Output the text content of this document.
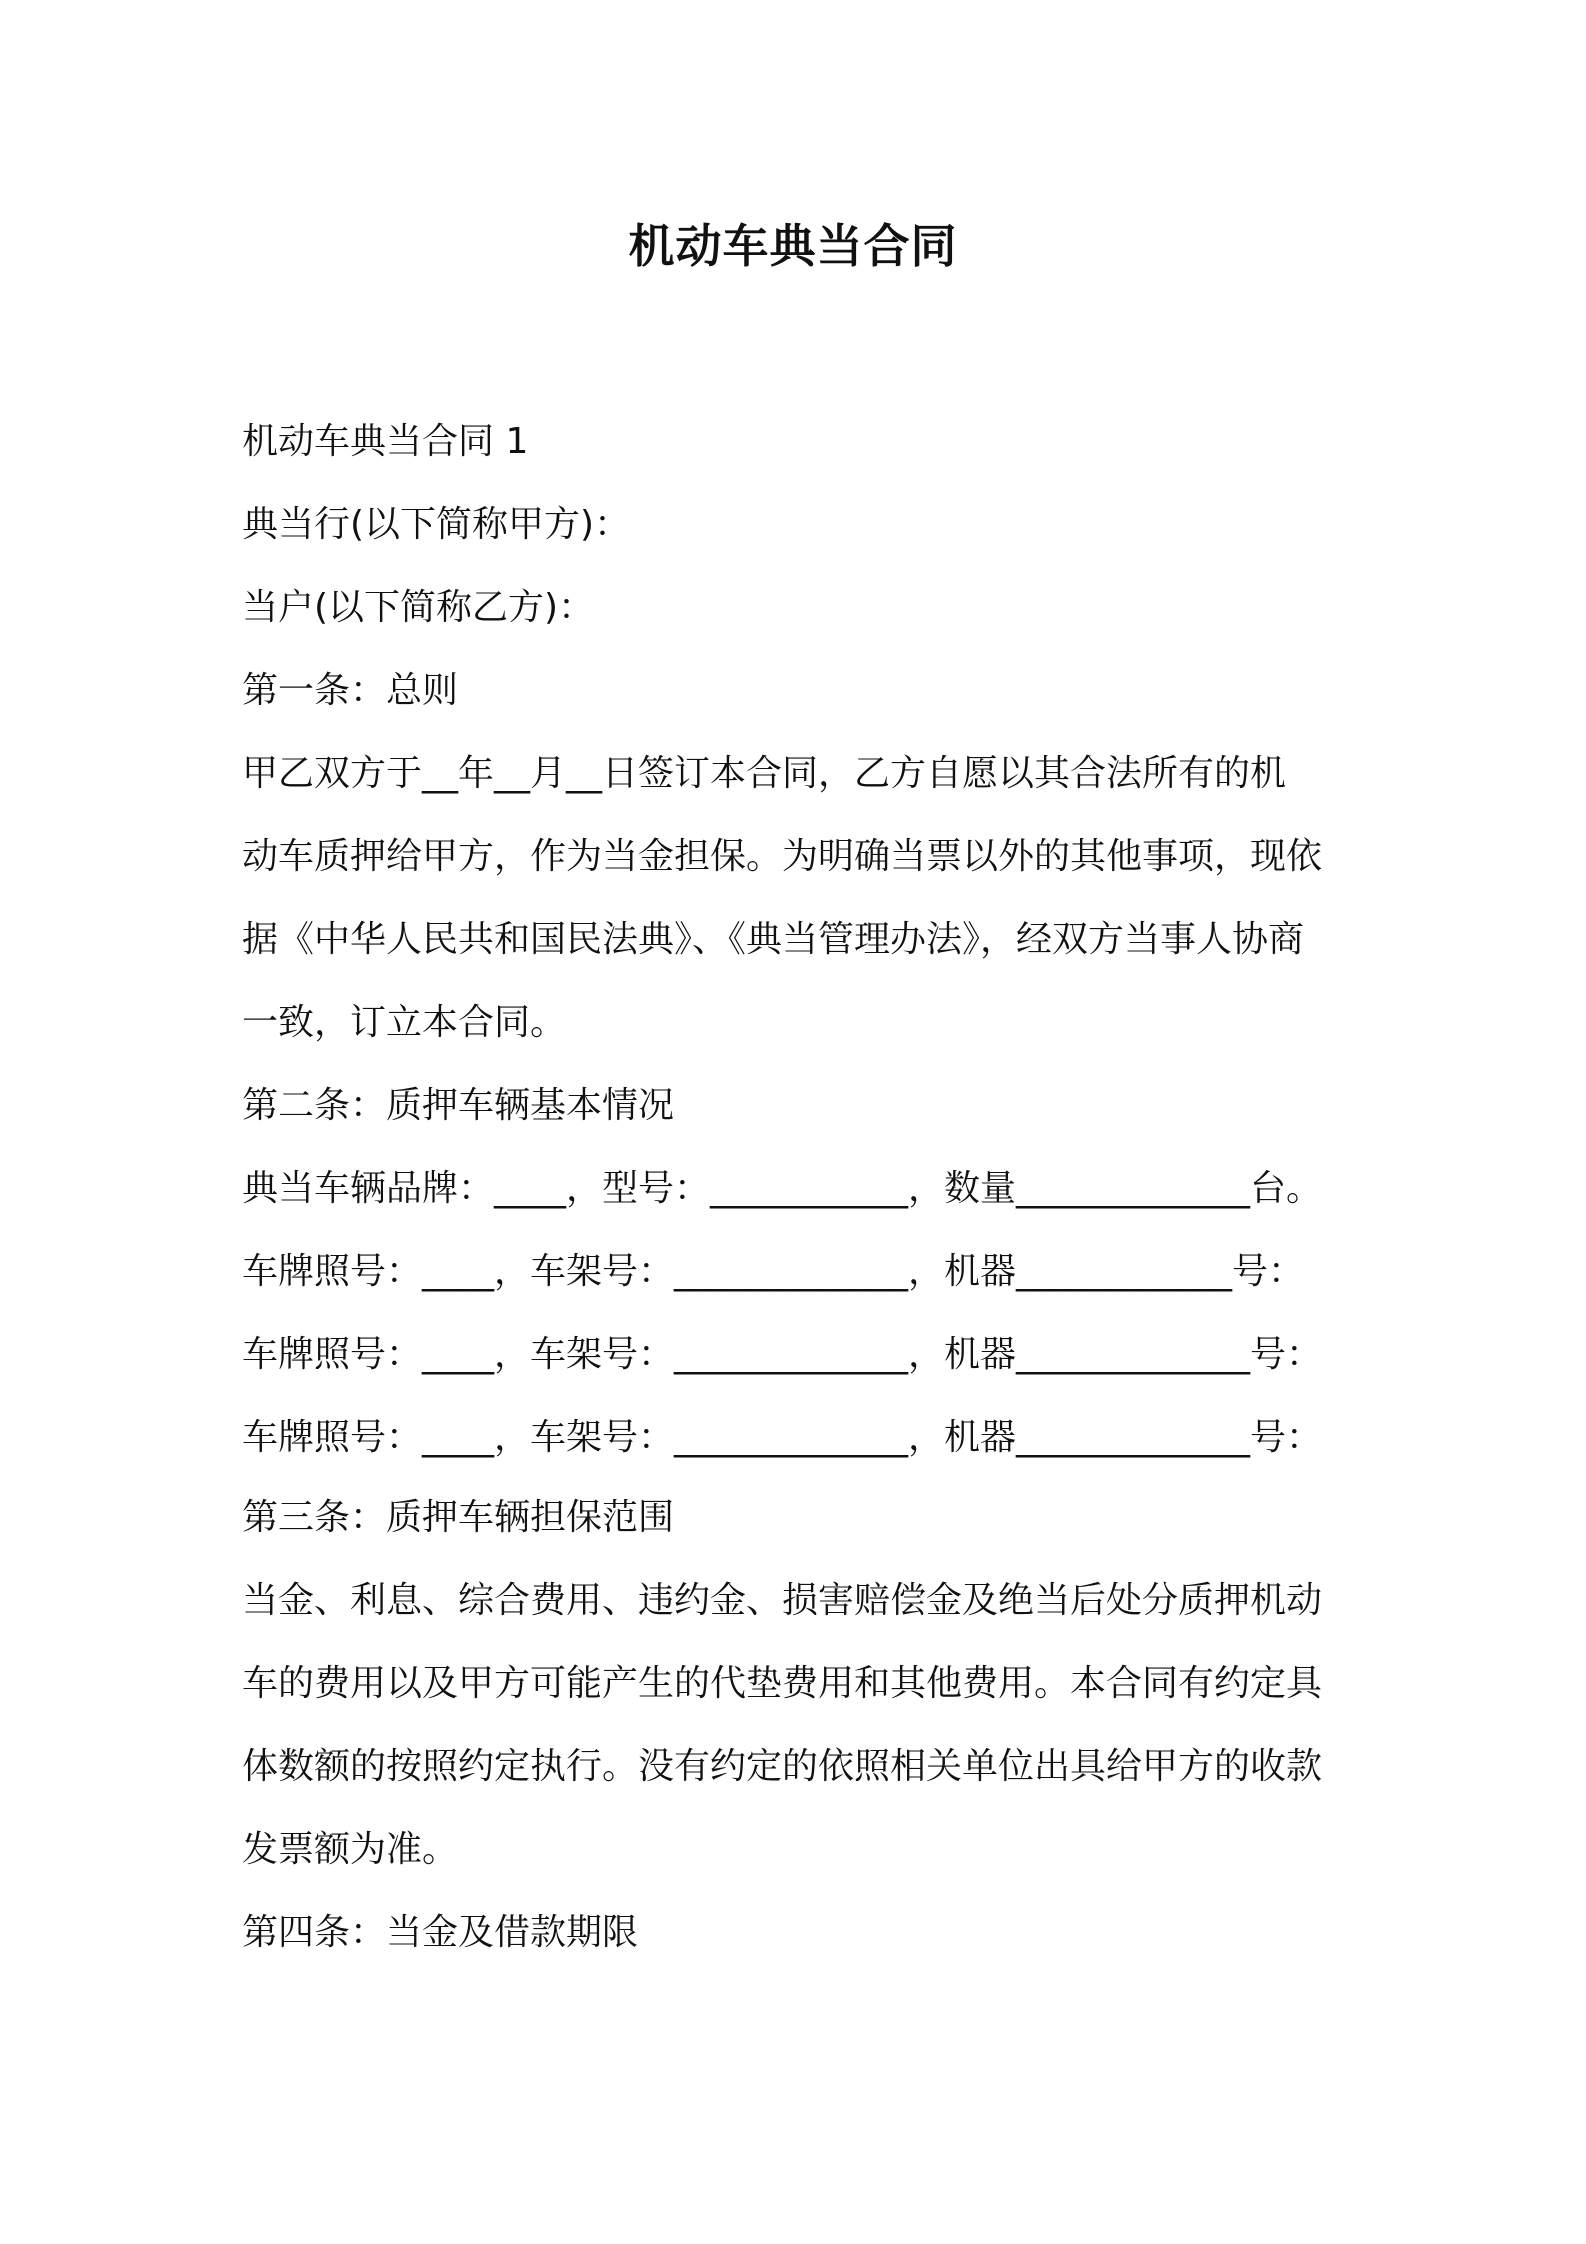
机动车典当合同
机动车典当合同 1
典当行(以下简称甲方)：
当户(以下简称乙方)：
第一条：总则
甲乙双方于__年__月__日签订本合同，乙方自愿以其合法所有的机
动车质押给甲方，作为当金担保。为明确当票以外的其他事项，现依
据《中华人民共和国民法典》、《典当管理办法》，经双方当事人协商
一致，订立本合同。
第二条：质押车辆基本情况
典当车辆品牌：____，型号：___________，数量_____________台。
车牌照号：____，车架号：_____________，机器____________号：
车牌照号：____，车架号：_____________，机器_____________号：
车牌照号：____，车架号：_____________，机器_____________号：
第三条：质押车辆担保范围
当金、利息、综合费用、违约金、损害赔偿金及绝当后处分质押机动
车的费用以及甲方可能产生的代垫费用和其他费用。本合同有约定具
体数额的按照约定执行。没有约定的依照相关单位出具给甲方的收款
发票额为准。
第四条：当金及借款期限
